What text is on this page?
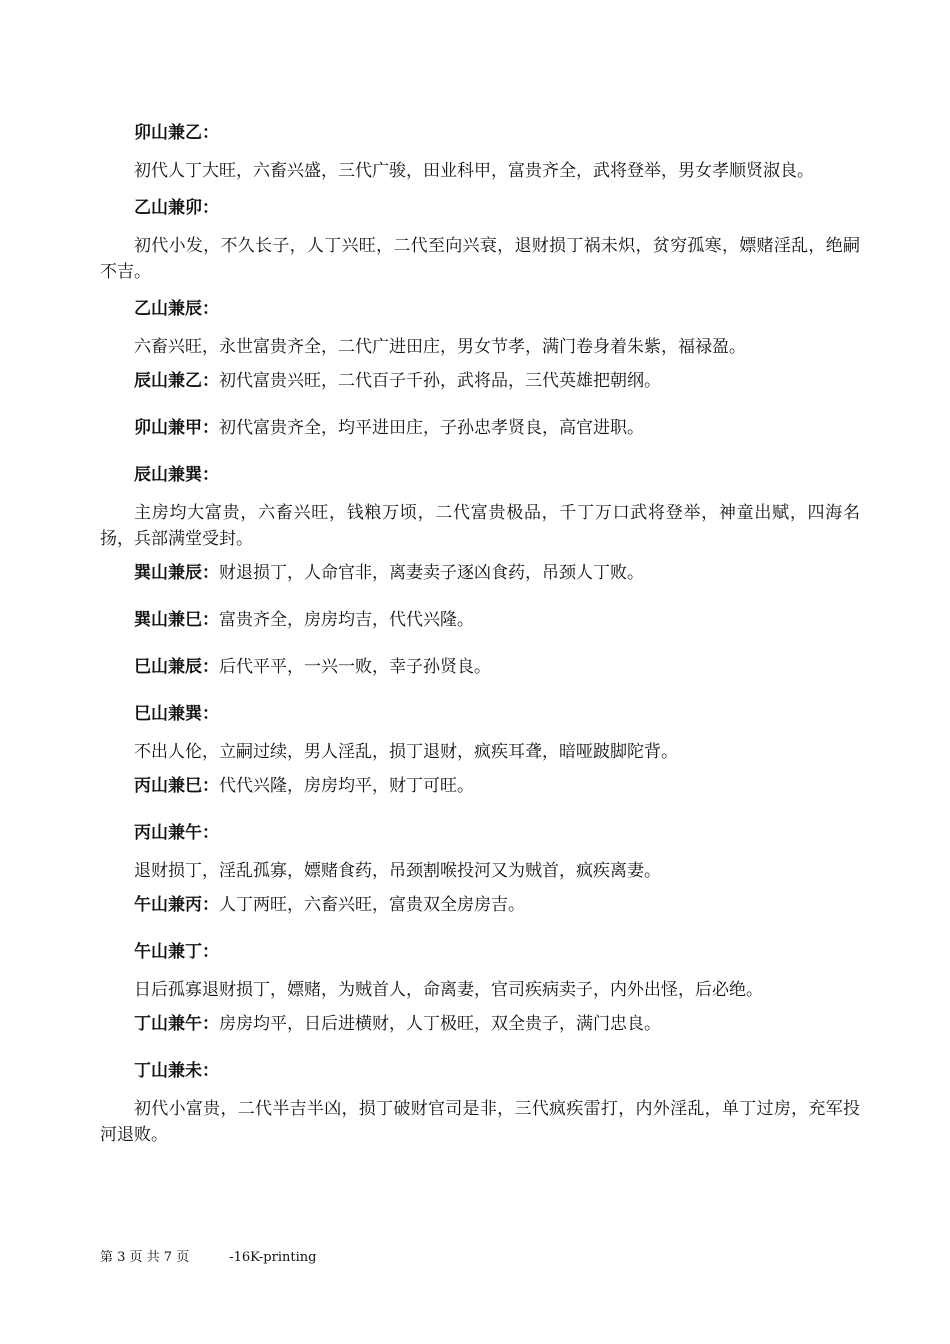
卯山兼乙：
初代人丁大旺，六畜兴盛，三代广骏，田业科甲，富贵齐全，武将登举，男女孝顺贤淑良。
乙山兼卯：
初代小发，不久长子，人丁兴旺，二代至向兴衰，退财损丁祸未炽，贫穷孤寒，嫖赌淫乱，绝嗣不吉。
乙山兼辰：
六畜兴旺，永世富贵齐全，二代广进田庄，男女节孝，满门卷身着朱紫，福禄盈。
辰山兼乙：初代富贵兴旺，二代百子千孙，武将品，三代英雄把朝纲。
卯山兼甲：初代富贵齐全，均平进田庄，子孙忠孝贤良，高官进职。
辰山兼巽：
主房均大富贵，六畜兴旺，钱粮万顷，二代富贵极品，千丁万口武将登举，神童出赋，四海名扬，兵部满堂受封。
巽山兼辰：财退损丁，人命官非，离妻卖子逐凶食药，吊颈人丁败。
巽山兼巳：富贵齐全，房房均吉，代代兴隆。
巳山兼辰：后代平平，一兴一败，幸子孙贤良。
巳山兼巽：
不出人伦，立嗣过续，男人淫乱，损丁退财，疯疾耳聋，暗哑跛脚陀背。
丙山兼巳：代代兴隆，房房均平，财丁可旺。
丙山兼午：
退财损丁，淫乱孤寡，嫖赌食药，吊颈割喉投河又为贼首，疯疾离妻。
午山兼丙：人丁两旺，六畜兴旺，富贵双全房房吉。
午山兼丁：
日后孤寡退财损丁，嫖赌，为贼首人，命离妻，官司疾病卖子，内外出怪，后必绝。
丁山兼午：房房均平，日后进横财，人丁极旺，双全贵子，满门忠良。
丁山兼未：
初代小富贵，二代半吉半凶，损丁破财官司是非，三代疯疾雷打，内外淫乱，单丁过房，充军投河退败。
第 3 页 共 7 页	-16K-printing
